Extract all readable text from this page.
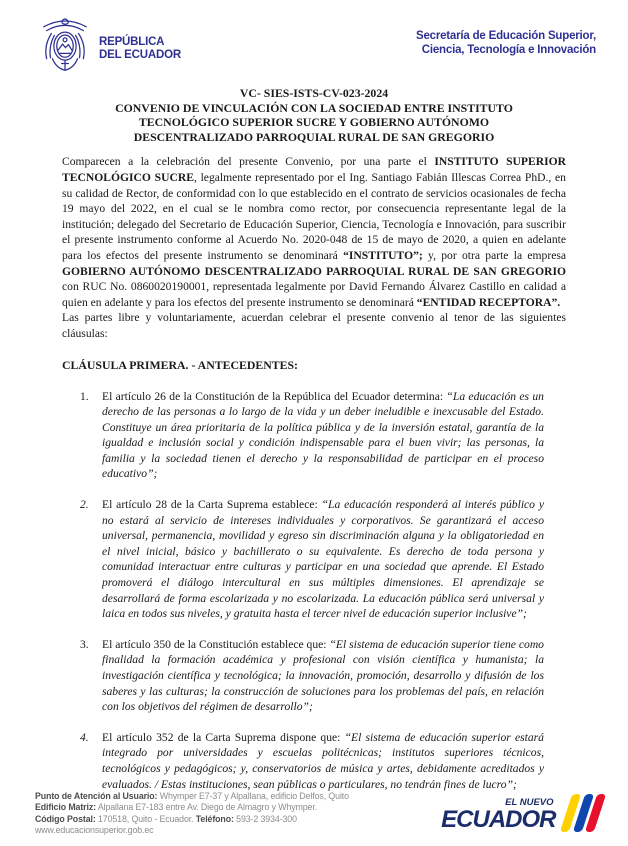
REPÚBLICA
DEL ECUADOR
Secretaría de Educación Superior,
Ciencia, Tecnología e Innovación
VC- SIES-ISTS-CV-023-2024
CONVENIO DE VINCULACIÓN CON LA SOCIEDAD ENTRE INSTITUTO
TECNOLÓGICO SUPERIOR SUCRE Y GOBIERNO AUTÓNOMO
DESCENTRALIZADO PARROQUIAL RURAL DE SAN GREGORIO

Comparecen a la celebración del presente Convenio, por una parte el INSTITUTO SUPERIOR TECNOLÓGICO SUCRE, legalmente representado por el Ing. Santiago Fabián Illescas Correa PhD., en su calidad de Rector, de conformidad con lo que establecido en el contrato de servicios ocasionales de fecha 19 mayo del 2022, en el cual se le nombra como rector, por consecuencia representante legal de la institución; delegado del Secretario de Educación Superior, Ciencia, Tecnología e Innovación, para suscribir el presente instrumento conforme al Acuerdo No. 2020-048 de 15 de mayo de 2020, a quien en adelante para los efectos del presente instrumento se denominará “INSTITUTO”; y, por otra parte la empresa GOBIERNO AUTÓNOMO DESCENTRALIZADO PARROQUIAL RURAL DE SAN GREGORIO con RUC No. 0860020190001, representada legalmente por David Fernando Álvarez Castillo en calidad a quien en adelante y para los efectos del presente instrumento se denominará “ENTIDAD RECEPTORA”.

Las partes libre y voluntariamente, acuerdan celebrar el presente convenio al tenor de las siguientes cláusulas:

CLÁUSULA PRIMERA. - ANTECEDENTES:
1. El artículo 26 de la Constitución de la República del Ecuador determina: “La educación es un derecho de las personas a lo largo de la vida y un deber ineludible e inexcusable del Estado. Constituye un área prioritaria de la política pública y de la inversión estatal, garantía de la igualdad e inclusión social y condición indispensable para el buen vivir; las personas, la familia y la sociedad tienen el derecho y la responsabilidad de participar en el proceso educativo”;
2. El artículo 28 de la Carta Suprema establece: “La educación responderá al interés público y no estará al servicio de intereses individuales y corporativos. Se garantizará el acceso universal, permanencia, movilidad y egreso sin discriminación alguna y la obligatoriedad en el nivel inicial, básico y bachillerato o su equivalente. Es derecho de toda persona y comunidad interactuar entre culturas y participar en una sociedad que aprende. El Estado promoverá el diálogo intercultural en sus múltiples dimensiones. El aprendizaje se desarrollará de forma escolarizada y no escolarizada. La educación pública será universal y laica en todos sus niveles, y gratuita hasta el tercer nivel de educación superior inclusive”;
3. El artículo 350 de la Constitución establece que: “El sistema de educación superior tiene como finalidad la formación académica y profesional con visión científica y humanista; la investigación científica y tecnológica; la innovación, promoción, desarrollo y difusión de los saberes y las culturas; la construcción de soluciones para los problemas del país, en relación con los objetivos del régimen de desarrollo”;
4. El artículo 352 de la Carta Suprema dispone que: “El sistema de educación superior estará integrado por universidades y escuelas politécnicas; institutos superiores técnicos, tecnológicos y pedagógicos; y, conservatorios de música y artes, debidamente acreditados y evaluados. / Estas instituciones, sean públicas o particulares, no tendrán fines de lucro”;
Punto de Atención al Usuario: Whymper E7-37 y Alpallana, edificio Delfos, Quito
Edificio Matriz: Alpallana E7-183 entre Av. Diego de Almagro y Whymper.
Código Postal: 170518, Quito - Ecuador. Teléfono: 593-2 3934-300
www.educacionsuperior.gob.ec
EL NUEVO
ECUADOR
